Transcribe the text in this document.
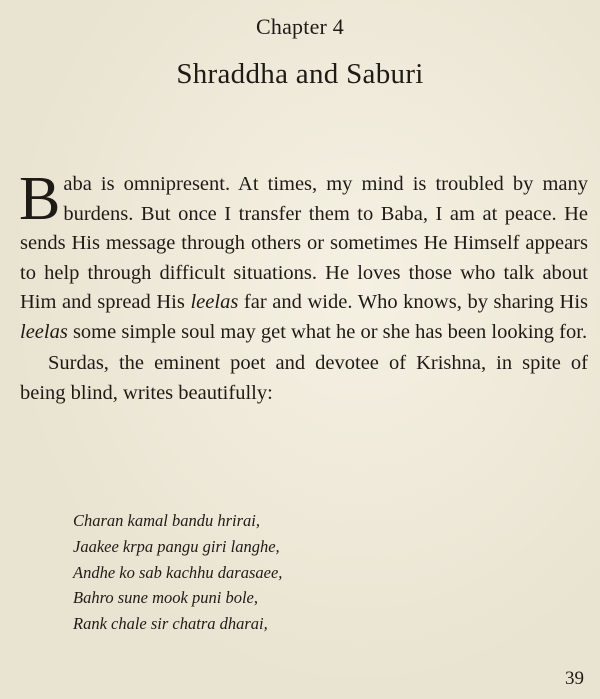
Chapter 4
Shraddha and Saburi

Baba is omnipresent. At times, my mind is troubled by many burdens. But once I transfer them to Baba, I am at peace. He sends His message through others or sometimes He Himself appears to help through difficult situations. He loves those who talk about Him and spread His leelas far and wide. Who knows, by sharing His leelas some simple soul may get what he or she has been looking for.

Surdas, the eminent poet and devotee of Krishna, in spite of being blind, writes beautifully:

Charan kamal bandu hrirai,
Jaakee krpa pangu giri langhe,
Andhe ko sab kachhu darasaee,
Bahro sune mook puni bole,
Rank chale sir chatra dharai,
39
